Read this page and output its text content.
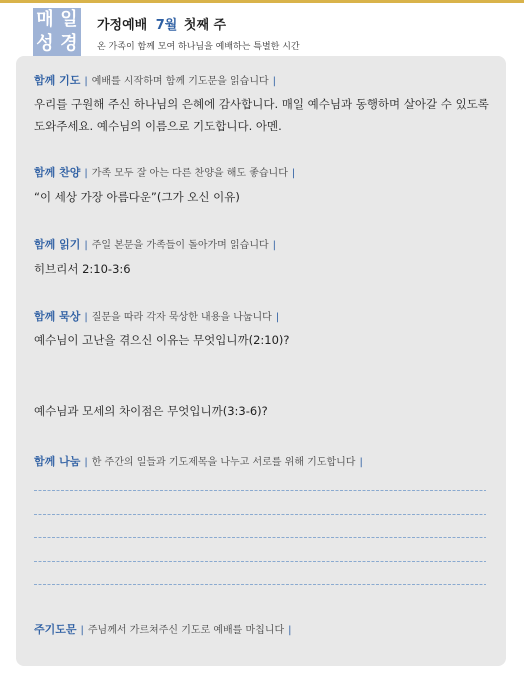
매 일
성 경
가정예배 7월 첫째 주
온 가족이 함께 모여 하나님을 예배하는 특별한 시간
함께 기도 | 예배를 시작하며 함께 기도문을 읽습니다 |
우리를 구원해 주신 하나님의 은혜에 감사합니다. 매일 예수님과 동행하며 살아갈 수 있도록 도와주세요. 예수님의 이름으로 기도합니다. 아멘.
함께 찬양 | 가족 모두 잘 아는 다른 찬양을 해도 좋습니다 |
“이 세상 가장 아름다운”(그가 오신 이유)
함께 읽기 | 주일 본문을 가족들이 돌아가며 읽습니다 |
히브리서 2:10-3:6
함께 묵상 | 질문을 따라 각자 묵상한 내용을 나눕니다 |
예수님이 고난을 겪으신 이유는 무엇입니까(2:10)?
예수님과 모세의 차이점은 무엇입니까(3:3-6)?
함께 나눔 | 한 주간의 일들과 기도제목을 나누고 서로를 위해 기도합니다 |
주기도문 | 주님께서 가르쳐주신 기도로 예배를 마칩니다 |
